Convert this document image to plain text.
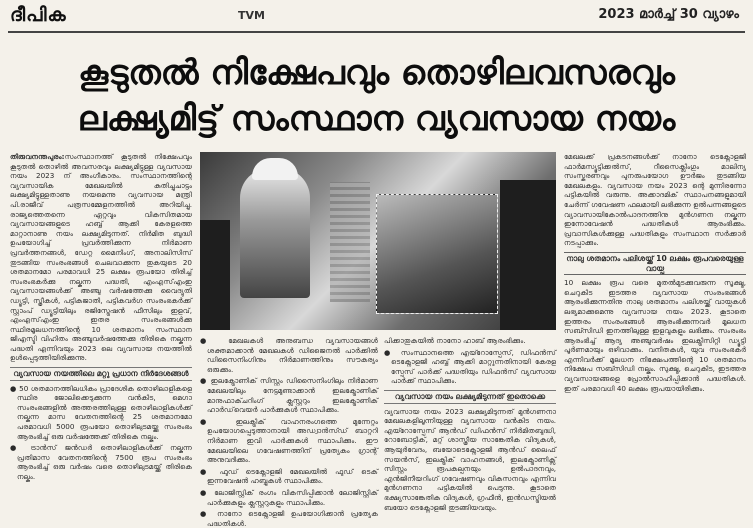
ദീപിക	TVM	2023 മാർച്ച് 30 വ്യാഴം
കൂടുതൽ നിക്ഷേപവും തൊഴിലവസരവും
ലക്ഷ്യമിട്ട് സംസ്ഥാന വ്യവസായ നയം

തിരുവനന്തപുരം:സംസ്ഥാനത്ത് കൂടുതൽ നിക്ഷേപവും കൂടുതൽ തൊഴിൽ അവസരവും ലക്ഷ്യമിട്ടുള്ള വ്യവസായ നയം 2023 ന് അംഗീകാരം. സംസ്ഥാനത്തിന്റെ വ്യവസായിക മേഖലയിൽ കുതിച്ചുചാട്ടം ലക്ഷ്യമിട്ടുള്ളതാണു നയമെന്നു വ്യവസായ മന്ത്രി പി.രാജീവ് പത്രസമ്മേളനത്തിൽ അറിയിച്ചു. രാജ്യത്തെതന്നെ ഏറ്റവും വികസിതമായ വ്യവസായങ്ങളുടെ ഹബ്ബ് ആക്കി കേരളത്തെ മാറ്റാനാണു നയം ലക്ഷ്യമിടുന്നത്. നിർമിത ബുദ്ധി ഉപയോഗിച്ച് പ്രവർത്തിക്കുന്ന നിർമാണ പ്രവർത്തനങ്ങൾ, ഡേറ്റ മൈനിംഗ്, അനാലിസിസ് തുടങ്ങിയ സംരംഭങ്ങൾ ചെലവാക്കുന്ന തുകയുടെ 20 ശതമാനമോ പരമാവധി 25 ലക്ഷം രൂപയോ തിരിച്ച് സംരംഭകർക്കു നല്കുന്ന പദ്ധതി, എംഎസ്എംഇ വ്യവസായങ്ങൾക്ക് അഞ്ചു വർഷത്തേക്കു വൈദ്യുതി ഡ്യൂട്ടി, സ്ത്രീകൾ, പട്ടികജാതി, പട്ടികവർഗ സംരംഭകർക്ക് സ്റ്റാംപ് ഡ്യൂട്ടിയിലും രജിസ്ട്രേഷൻ ഫീസിലും ഇളവ്, എംഎസ്എംഇ ഇതര സംരംഭങ്ങൾക്കു സ്ഥിരമൂലധനത്തിന്റെ 10 ശതമാനം സംസ്ഥാന ജിഎസ്ടി വിഹിതം അഞ്ചുവർഷത്തേക്കു തിരികെ നല്കുന്ന പദ്ധതി എന്നിവയും 2023 ലെ വ്യവസായ നയത്തിൽ ഉൾപ്പെടുത്തിയിരിക്കുന്നു.

വ്യവസായ നയത്തിലെ മറ്റു പ്രധാന നിർദേശങ്ങൾ

● 50 ശതമാനത്തിലധികം പ്രാദേശിക തൊഴിലാളികളെ സ്ഥിര ജോലിക്കെടുക്കുന്ന വൻകിട, മെഗാ സംരംഭങ്ങളിൽ അത്തരത്തിലുള്ള തൊഴിലാളികൾക്ക് നല്കുന്ന മാസ വേതനത്തിന്റെ 25 ശതമാനമോ പരമാവധി 5000 രൂപയോ തൊഴിലുടമയ്ക്കു സംരംഭം ആരംഭിച്ച് ഒരു വർഷത്തേക്ക് തിരികെ നല്കും.

● ട്രാൻസ് ജൻഡർ തൊഴിലാളികൾക്ക് നല്കുന്ന പ്രതിമാസ വേതനത്തിന്റെ 7500 രൂപ സംരംഭം ആരംഭിച്ച് ഒരു വർഷം വരെ തൊഴിലുടമയ്ക്ക് തിരികെ നല്കും.

● മേഖലകൾ അനുബന്ധ വ്യവസായങ്ങൾ ശക്തമാക്കാൻ മേഖലകൾ ഡിജൈനൽ പാർക്കിൽ ഡിസൈനിംഗിനും നിർമാണത്തിനും സൗകര്യം ഒരുക്കും.

● ഇലക്ട്രോണിക് സിസ്റ്റം ഡിസൈനിംഗിലും നിർമാണ മേഖലയിലും നേട്ടമുണ്ടാക്കാൻ ഇലക്ട്രോണിക് മാനുഫാക്ചറിംഗ് ക്ലസ്റ്ററും ഇലക്ട്രോണിക് ഹാർഡ്‌വെയർ പാർക്കുകൾ സ്ഥാപിക്കും.

● ഇലക്ട്രിക് വാഹനരംഗത്തെ മുന്നേറ്റം ഉപയോഗപ്പെടുത്താനായി അഡ്വാൻസ്ഡ് ബാറ്ററി നിർമാണ ഇവി പാർക്കുകൾ സ്ഥാപിക്കും. ഈ മേഖലയിലെ ഗവേഷണത്തിന് പ്രത്യേകം ഗ്രാന്റ് അനുവദിക്കും.

● ഫുഡ് ടെക്നോളജി മേഖലയിൽ ഫുഡ് ടെക് ഇന്നവേഷൻ ഹബ്ബുകൾ സ്ഥാപിക്കും.

● ലോജിസ്റ്റിക് രംഗം വികസിപ്പിക്കാൻ ലോജിസ്റ്റിക് പാർക്കുകളും ക്ലസ്റ്ററുകളും സ്ഥാപിക്കും.

● നാനോ ടെക്നോളജി ഉപയോഗിക്കാൻ പ്രത്യേക പദ്ധതികൾ.

പിക്കാതുകയിൽ നാനോ ഹാബ് ആരംഭിക്കും.

● സംസ്ഥാനത്തെ എയ്റോസ്പേസ്, ഡിഫൻസ് ടെക്നോളജി ഹബ്ബ് ആക്കി മാറ്റുന്നതിനായി കേരള സ്പേസ് പാർക്ക് പദ്ധതിയും ഡിഫൻസ് വ്യവസായ പാർക്ക് സ്ഥാപിക്കും.

വ്യവസായ നയം ലക്ഷ്യമിടുന്നത് ഇതൊക്കെ

വ്യവസായ നയം 2023 ലക്ഷ്യമിടുന്നത് മുൻഗണനാ മേഖലകളിലൂന്നിയുള്ള വ്യവസായ വൻകിട നയം. എയ്റോസ്പേസ് ആൻഡ് ഡിഫൻസ് നിർമിതബുദ്ധി, റോബോട്ടിക്, മറ്റ് ശാസ്ത്രീയ സാങ്കേതിക വിദ്യകൾ, ആയുർവേദം, ബയോടെക്നോളജി ആൻഡ് ലൈഫ് സയൻസ്, ഇലക്ട്രിക് വാഹനങ്ങൾ, ഇലക്ട്രോണിക്സ് സിസ്റ്റം രൂപകല്പനയും ഉൽപാദനവും, എൻജിനീയറിംഗ് ഗവേഷണവും വികസനവും എന്നിവ മുൻഗണനാ പട്ടികയിൽ പെടുന്നു. കൂടാതെ ഭക്ഷ്യസാങ്കേതിക വിദ്യകൾ, ഗ്രഫീൻ, ഇൻഡസ്ട്രിയൽ ബയോ ടെക്നോളജി തുടങ്ങിയവയും.

മേഖലക്ക് പ്രകടനങ്ങൾക്ക് നാനോ ടെക്നോളജി ഫാർമസ്യൂട്ടിക്കൽസ്, റീസൈക്ലിംഗും മാലിന്യ സംസ്കരണവും പുനരുപയോഗ ഊർജം തുടങ്ങിയ മേഖലകളും. വ്യവസായ നയം 2023 ന്റെ മുന്നിരന്നോ പട്ടികയിൽ വരുന്നു. അക്കാദമിക് സ്ഥാപനങ്ങളുമായി ചേർന്ന് ഗവേഷണ ഫലമായി ലഭിക്കുന്ന ഉൽപന്നങ്ങളുടെ വ്യാവസായികോൽപാദനത്തിനു മുൻഗണന നല്കുന്ന ഇന്നോവേഷൻ പദ്ധതികൾ ആരംഭിക്കും. പ്രവാസികൾക്കുള്ള പദ്ധതികളും സംസ്ഥാന സർക്കാർ നടപ്പാക്കും.

നാലു ശതമാനം പലിശയ്ക്ക് 10 ലക്ഷം രൂപവരെയുള്ള വായ്പ

10 ലക്ഷം രൂപ വരെ മുതൽമുടക്കുവരുന്ന സൂക്ഷ്മ, ചെറുകിട ഇടത്തര വ്യവസായ സംരംഭങ്ങൾ ആരംഭിക്കുന്നതിനു നാലു ശതമാനം പലിശയ്ക്ക് വായ്പകൾ ലഭ്യമാക്കുമെന്നു വ്യവസായ നയം 2023. കൂടാതെ ഇത്തരം സംരംഭങ്ങൾ ആരംഭിക്കുന്നവർ മൂലധന സബ്സിഡി ഇനത്തിലുള്ള ഇളവുകളും ലഭിക്കും. സംരംഭം ആരംഭിച്ച് ആദ്യ അഞ്ചുവർഷം ഇലക്ട്രിസിറ്റി ഡ്യൂട്ടി പൂർണമായും ഒഴിവാക്കും. വനിതകൾ, യുവ സംരംഭകർ എന്നിവർക്ക് മൂലധന നിക്ഷേപത്തിന്റെ 10 ശതമാനം നിക്ഷേപ സബ്സിഡി നല്കും. സുക്ഷ്മ, ചെറുകിട, ഇടത്തര വ്യവസായങ്ങളെ പ്രോൽസാഹിപ്പിക്കാൻ പദ്ധതികൾ. ഇത് പരമാവധി 40 ലക്ഷം രൂപയായിരിക്കും.
